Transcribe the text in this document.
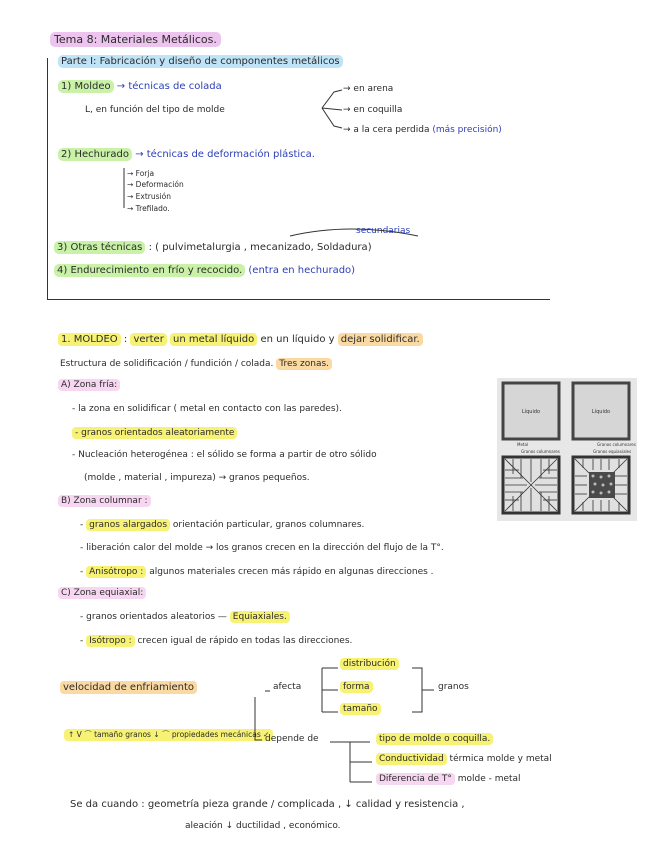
Tema 8: Materiales Metálicos.
Parte I: Fabricación y diseño de componentes metálicos
1) Moldeo → técnicas de colada
L, en función del tipo de molde
→ en arena
→ en coquilla
→ a la cera perdida (más precisión)
2) Hechurado → técnicas de deformación plástica.
→ Forja
→ Deformación
→ Extrusión
→ Trefilado.
secundarias
3) Otras técnicas : ( pulvimetalurgia , mecanizado, Soldadura)
4) Endurecimiento en frío y recocido. (entra en hechurado)
1. MOLDEO : verter un metal líquido en un líquido y dejar solidificar.
Estructura de solidificación / fundición / colada. Tres zonas.
A) Zona fría:
- la zona en solidificar ( metal en contacto con las paredes).
- granos orientados aleatoriamente
- Nucleación heterogénea : el sólido se forma a partir de otro sólido
(molde , material , impureza) → granos pequeños.
B) Zona columnar :
- granos alargados orientación particular, granos columnares.
- liberación calor del molde → los granos crecen en la dirección del flujo de la T°.
- Anisótropo : algunos materiales crecen más rápido en algunas direcciones .
C) Zona equiaxial:
- granos orientados aleatorios — Equiaxiales.
- Isótropo : crecen igual de rápido en todas las direcciones.
velocidad de enfriamiento	afecta
distribución
forma
tamaño
granos
↑ V ⌒ tamaño granos ↓ ⌒ propiedades mecánicas ✓
depende de	tipo de molde o coquilla.
Conductividad térmica molde y metal
Diferencia de T° molde - metal
Se da cuando : geometría pieza grande / complicada , ↓ calidad y resistencia ,
aleación ↓ ductilidad , económico.
Líquido	Líquido
Metal	Granos columnares
Granos columnares	Granos equiaxiales
